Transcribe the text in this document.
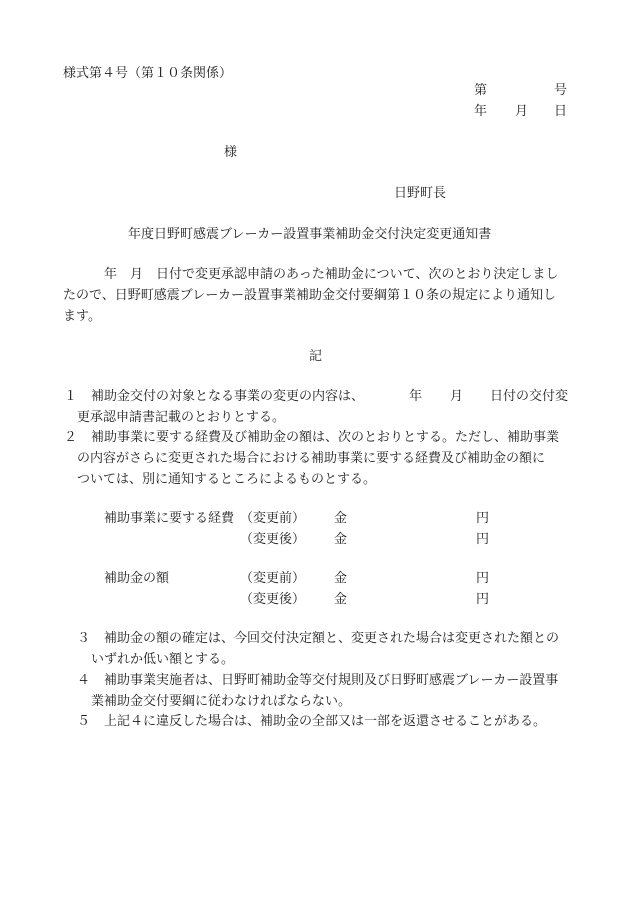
様式第４号（第１０条関係）
第	号
年 月 日
様
日野町長
年度日野町感震ブレーカー設置事業補助金交付決定変更通知書
年　月　日付で変更承認申請のあった補助金について、次のとおり決定しまし
たので、日野町感震ブレーカー設置事業補助金交付要綱第１０条の規定により通知し
ます。
記
１ 補助金交付の対象となる事業の変更の内容は、	年 月 日付の交付変
更承認申請書記載のとおりとする。
２ 補助事業に要する経費及び補助金の額は、次のとおりとする。ただし、補助事業
の内容がさらに変更された場合における補助事業に要する経費及び補助金の額に
ついては、別に通知するところによるものとする。
補助事業に要する経費 （変更前） 金	円
（変更後） 金	円
補助金の額	（変更前） 金	円
（変更後） 金	円
３ 補助金の額の確定は、今回交付決定額と、変更された場合は変更された額との
いずれか低い額とする。
４ 補助事業実施者は、日野町補助金等交付規則及び日野町感震ブレーカー設置事
業補助金交付要綱に従わなければならない。
５ 上記４に違反した場合は、補助金の全部又は一部を返還させることがある。
